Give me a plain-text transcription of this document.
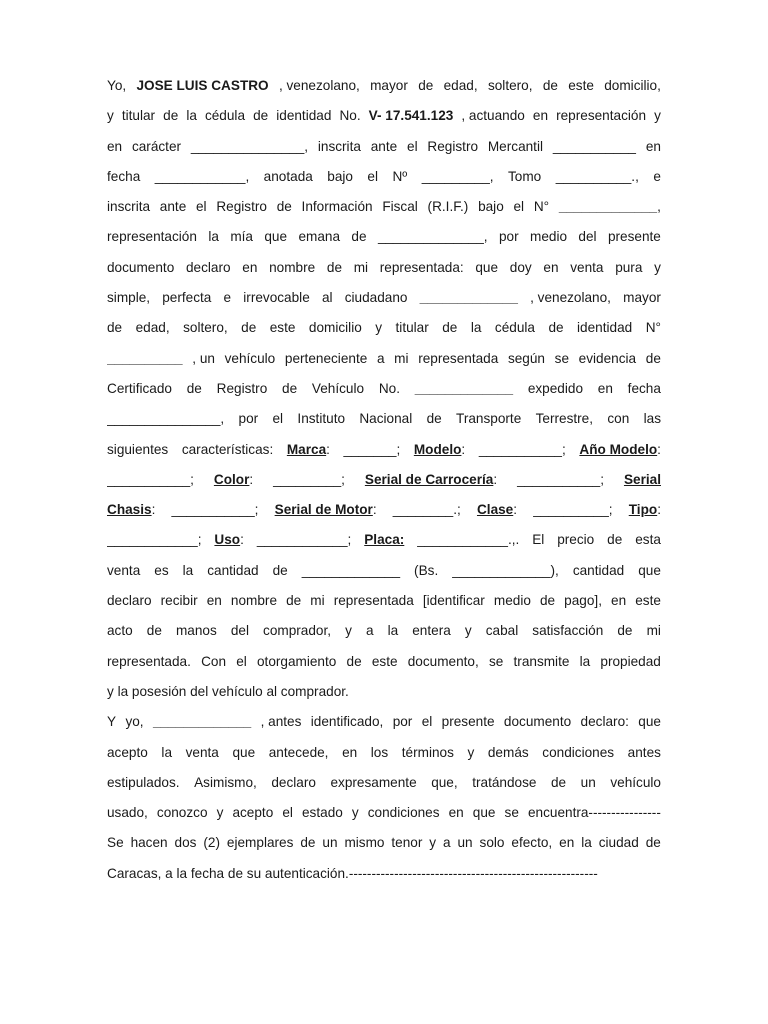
Yo, JOSE LUIS CASTRO , venezolano, mayor de edad, soltero, de este domicilio,
y titular de la cédula de identidad No. V- 17.541.123 , actuando en representación y
en carácter _______________, inscrita ante el Registro Mercantil ___________ en
fecha ____________, anotada bajo el Nº _________, Tomo __________., e
inscrita ante el Registro de Información Fiscal (R.I.F.) bajo el N° _____________ ,
representación la mía que emana de ______________, por medio del presente
documento declaro en nombre de mi representada: que doy en venta pura y
simple, perfecta e irrevocable al ciudadano _____________ , venezolano, mayor
de edad, soltero, de este domicilio y titular de la cédula de identidad N°
__________ , un vehículo perteneciente a mi representada según se evidencia de
Certificado de Registro de Vehículo No. _____________ expedido en fecha
_______________, por el Instituto Nacional de Transporte Terrestre, con las
siguientes características: Marca : _______; Modelo : ___________; Año Modelo :
___________; Color : _________; Serial de Carrocería : ___________; Serial
Chasis : ___________; Serial de Motor : ________.; Clase : __________; Tipo :
____________; Uso : ____________; Placa: ____________.,. El precio de esta
venta es la cantidad de _____________ (Bs. _____________), cantidad que
declaro recibir en nombre de mi representada [identificar medio de pago], en este
acto de manos del comprador, y a la entera y cabal satisfacción de mi
representada. Con el otorgamiento de este documento, se transmite la propiedad
y la posesión del vehículo al comprador.
Y yo, _____________ , antes identificado, por el presente documento declaro: que
acepto la venta que antecede, en los términos y demás condiciones antes
estipulados. Asimismo, declaro expresamente que, tratándose de un vehículo
usado, conozco y acepto el estado y condiciones en que se encuentra----------------
Se hacen dos (2) ejemplares de un mismo tenor y a un solo efecto, en la ciudad de
Caracas, a la fecha de su autenticación.-------------------------------------------------------
